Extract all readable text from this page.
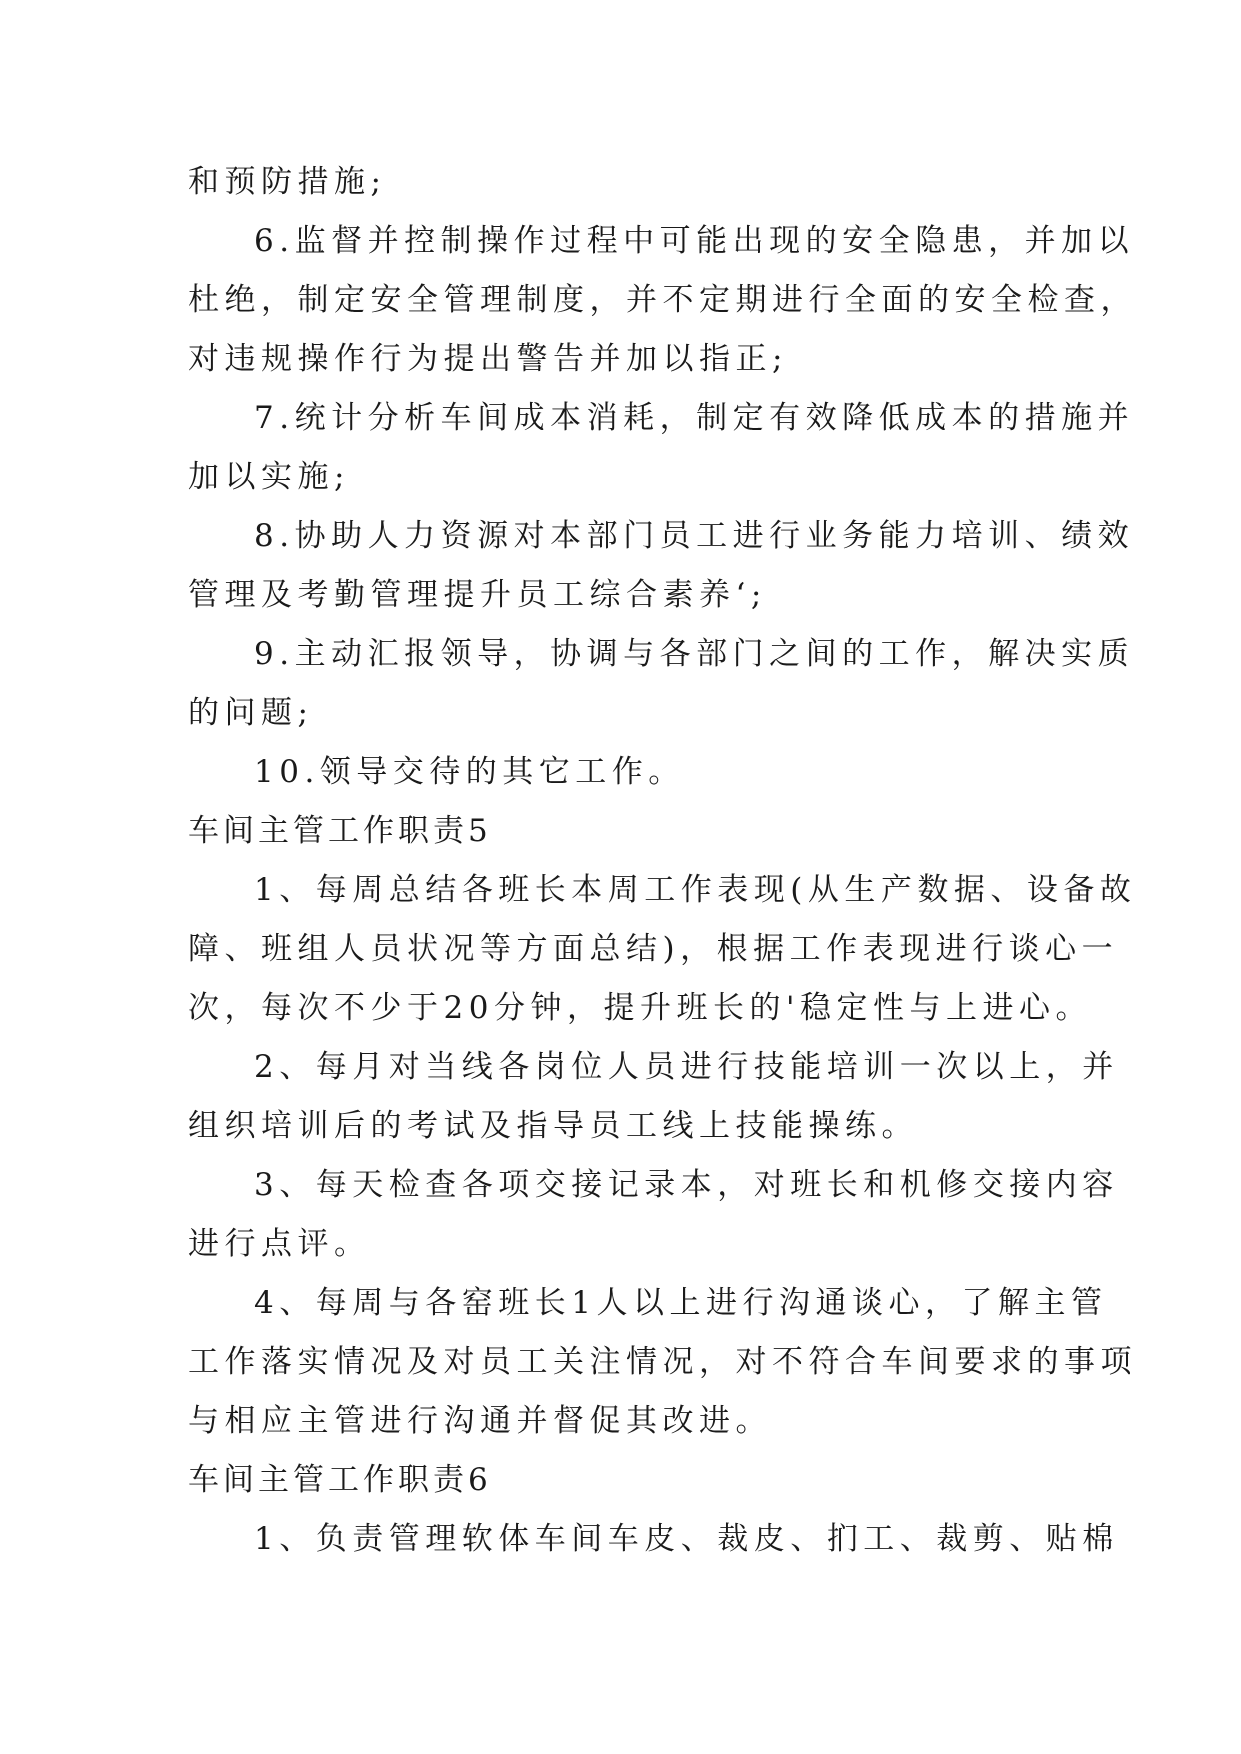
和预防措施;
6.监督并控制操作过程中可能出现的安全隐患，并加以
杜绝，制定安全管理制度，并不定期进行全面的安全检查，
对违规操作行为提出警告并加以指正;
7.统计分析车间成本消耗，制定有效降低成本的措施并
加以实施;
8.协助人力资源对本部门员工进行业务能力培训、绩效
管理及考勤管理提升员工综合素养‘;
9.主动汇报领导，协调与各部门之间的工作，解决实质
的问题;
10.领导交待的其它工作。
车间主管工作职责5
1、每周总结各班长本周工作表现(从生产数据、设备故
障、班组人员状况等方面总结)，根据工作表现进行谈心一
次，每次不少于20分钟，提升班长的'稳定性与上进心。
2、每月对当线各岗位人员进行技能培训一次以上，并
组织培训后的考试及指导员工线上技能操练。
3、每天检查各项交接记录本，对班长和机修交接内容
进行点评。
4、每周与各窑班长1人以上进行沟通谈心，了解主管
工作落实情况及对员工关注情况，对不符合车间要求的事项
与相应主管进行沟通并督促其改进。
车间主管工作职责6
1、负责管理软体车间车皮、裁皮、扪工、裁剪、贴棉
